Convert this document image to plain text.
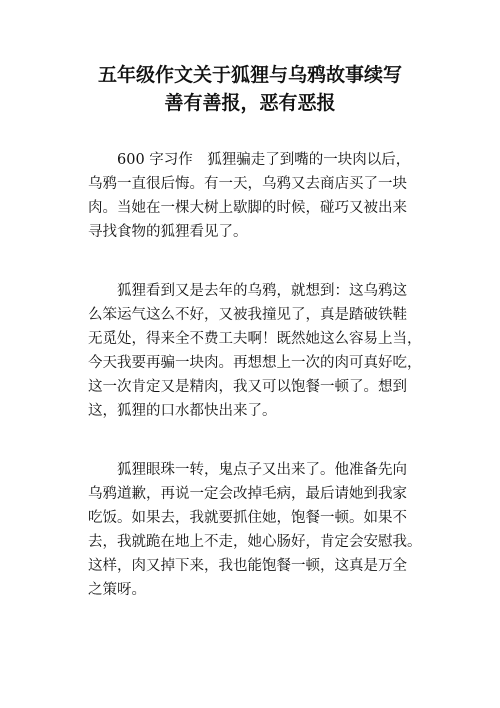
五年级作文关于狐狸与乌鸦故事续写
善有善报，恶有恶报
　　600 字习作　狐狸骗走了到嘴的一块肉以后，
乌鸦一直很后悔。有一天，乌鸦又去商店买了一块
肉。当她在一棵大树上歇脚的时候，碰巧又被出来
寻找食物的狐狸看见了。
　　狐狸看到又是去年的乌鸦，就想到：这乌鸦这
么笨运气这么不好，又被我撞见了，真是踏破铁鞋
无觅处，得来全不费工夫啊！既然她这么容易上当，
今天我要再骗一块肉。再想想上一次的肉可真好吃，
这一次肯定又是精肉，我又可以饱餐一顿了。想到
这，狐狸的口水都快出来了。
　　狐狸眼珠一转，鬼点子又出来了。他准备先向
乌鸦道歉，再说一定会改掉毛病，最后请她到我家
吃饭。如果去，我就要抓住她，饱餐一顿。如果不
去，我就跪在地上不走，她心肠好，肯定会安慰我。
这样，肉又掉下来，我也能饱餐一顿，这真是万全
之策呀。
